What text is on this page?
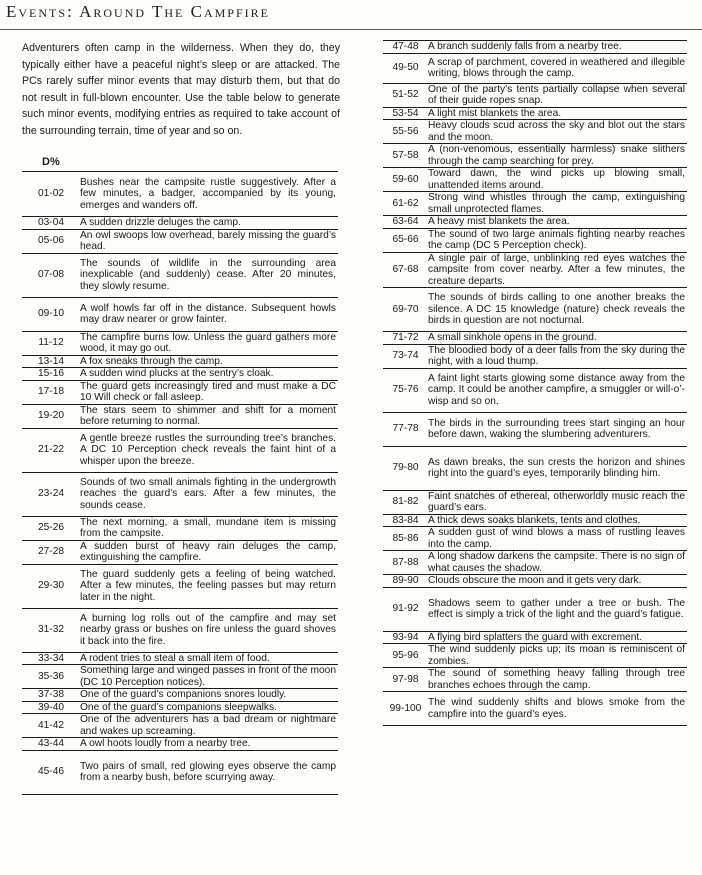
Events: Around The Campfire

Adventurers often camp in the wilderness. When they do, they typically either have a peaceful night’s sleep or are attacked. The PCs rarely suffer minor events that may disturb them, but that do not result in full-blown encounter. Use the table below to generate such minor events, modifying entries as required to take account of the surrounding terrain, time of year and so on.

D%
01-02	Bushes near the campsite rustle suggestively. After a few minutes, a badger, accompanied by its young, emerges and wanders off.
03-04	A sudden drizzle deluges the camp.
05-06	An owl swoops low overhead, barely missing the guard’s head.
07-08	The sounds of wildlife in the surrounding area inexplicable (and suddenly) cease. After 20 minutes, they slowly resume.
09-10	A wolf howls far off in the distance. Subsequent howls may draw nearer or grow fainter.
11-12	The campfire burns low. Unless the guard gathers more wood, it may go out.
13-14	A fox sneaks through the camp.
15-16	A sudden wind plucks at the sentry’s cloak.
17-18	The guard gets increasingly tired and must make a DC 10 Will check or fall asleep.
19-20	The stars seem to shimmer and shift for a moment before returning to normal.
21-22	A gentle breeze rustles the surrounding tree’s branches. A DC 10 Perception check reveals the faint hint of a whisper upon the breeze.
23-24	Sounds of two small animals fighting in the undergrowth reaches the guard’s ears. After a few minutes, the sounds cease.
25-26	The next morning, a small, mundane item is missing from the campsite.
27-28	A sudden burst of heavy rain deluges the camp, extinguishing the campfire.
29-30	The guard suddenly gets a feeling of being watched. After a few minutes, the feeling passes but may return later in the night.
31-32	A burning log rolls out of the campfire and may set nearby grass or bushes on fire unless the guard shoves it back into the fire.
33-34	A rodent tries to steal a small item of food.
35-36	Something large and winged passes in front of the moon (DC 10 Perception notices).
37-38	One of the guard’s companions snores loudly.
39-40	One of the guard’s companions sleepwalks.
41-42	One of the adventurers has a bad dream or nightmare and wakes up screaming.
43-44	A owl hoots loudly from a nearby tree.
45-46	Two pairs of small, red glowing eyes observe the camp from a nearby bush, before scurrying away.
47-48	A branch suddenly falls from a nearby tree.
49-50	A scrap of parchment, covered in weathered and illegible writing, blows through the camp.
51-52	One of the party’s tents partially collapse when several of their guide ropes snap.
53-54	A light mist blankets the area.
55-56	Heavy clouds scud across the sky and blot out the stars and the moon.
57-58	A (non-venomous, essentially harmless) snake slithers through the camp searching for prey.
59-60	Toward dawn, the wind picks up blowing small, unattended items around.
61-62	Strong wind whistles through the camp, extinguishing small unprotected flames.
63-64	A heavy mist blankets the area.
65-66	The sound of two large animals fighting nearby reaches the camp (DC 5 Perception check).
67-68	A single pair of large, unblinking red eyes watches the campsite from cover nearby. After a few minutes, the creature departs.
69-70	The sounds of birds calling to one another breaks the silence. A DC 15 knowledge (nature) check reveals the birds in question are not nocturnal.
71-72	A small sinkhole opens in the ground.
73-74	The bloodied body of a deer falls from the sky during the night, with a loud thump.
75-76	A faint light starts glowing some distance away from the camp. It could be another campfire, a smuggler or will-o’-wisp and so on.
77-78	The birds in the surrounding trees start singing an hour before dawn, waking the slumbering adventurers.
79-80	As dawn breaks, the sun crests the horizon and shines right into the guard’s eyes, temporarily blinding him.
81-82	Faint snatches of ethereal, otherworldly music reach the guard’s ears.
83-84	A thick dews soaks blankets, tents and clothes.
85-86	A sudden gust of wind blows a mass of rustling leaves into the camp.
87-88	A long shadow darkens the campsite. There is no sign of what causes the shadow.
89-90	Clouds obscure the moon and it gets very dark.
91-92	Shadows seem to gather under a tree or bush. The effect is simply a trick of the light and the guard’s fatigue.
93-94	A flying bird splatters the guard with excrement.
95-96	The wind suddenly picks up; its moan is reminiscent of zombies.
97-98	The sound of something heavy falling through tree branches echoes through the camp.
99-100	The wind suddenly shifts and blows smoke from the campfire into the guard’s eyes.
